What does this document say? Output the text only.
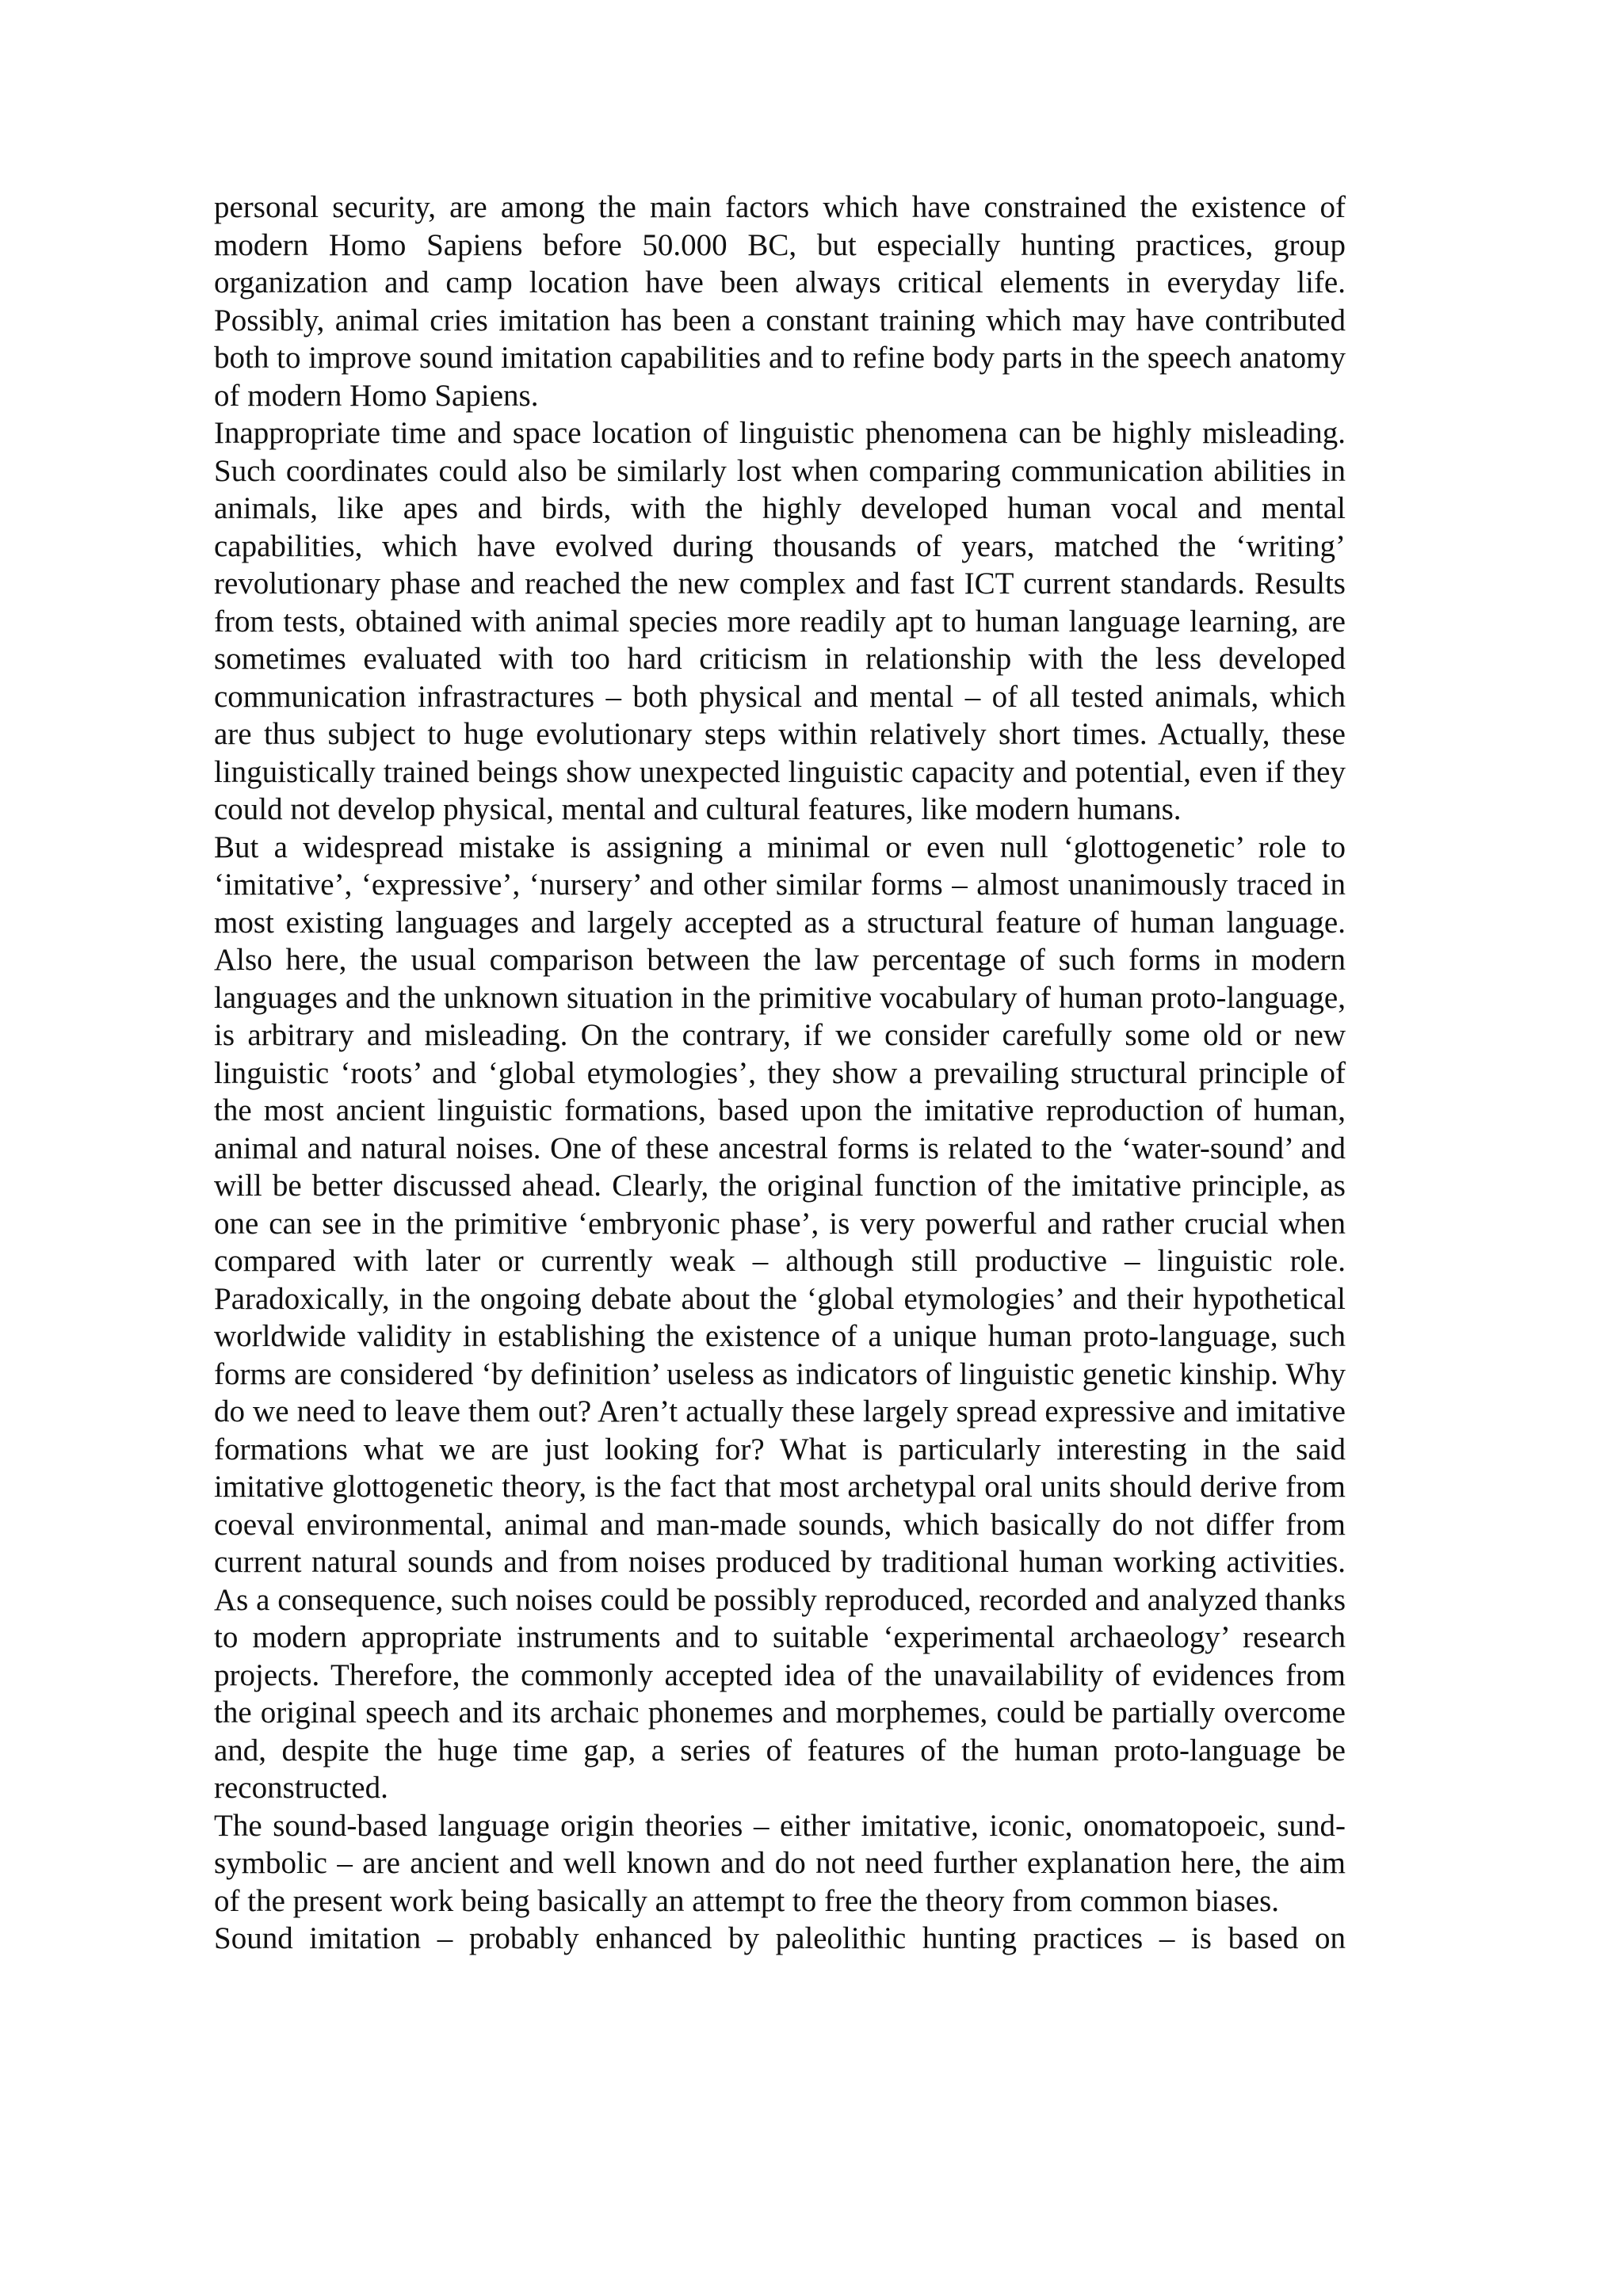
personal security, are among the main factors which have constrained the existence of modern Homo Sapiens before 50.000 BC, but especially hunting practices, group organization and camp location have been always critical elements in everyday life. Possibly, animal cries imitation has been a constant training which may have contributed both to improve sound imitation capabilities and to refine body parts in the speech anatomy of modern Homo Sapiens.

Inappropriate time and space location of linguistic phenomena can be highly misleading. Such coordinates could also be similarly lost when comparing communication abilities in animals, like apes and birds, with the highly developed human vocal and mental capabilities, which have evolved during thousands of years, matched the ‘writing’ revolutionary phase and reached the new complex and fast ICT current standards. Results from tests, obtained with animal species more readily apt to human language learning, are sometimes evaluated with too hard criticism in relationship with the less developed communication infrastractures – both physical and mental – of all tested animals, which are thus subject to huge evolutionary steps within relatively short times. Actually, these linguistically trained beings show unexpected linguistic capacity and potential, even if they could not develop physical, mental and cultural features, like modern humans.

But a widespread mistake is assigning a minimal or even null ‘glottogenetic’ role to ‘imitative’, ‘expressive’, ‘nursery’ and other similar forms – almost unanimously traced in most existing languages and largely accepted as a structural feature of human language. Also here, the usual comparison between the law percentage of such forms in modern languages and the unknown situation in the primitive vocabulary of human proto-language, is arbitrary and misleading. On the contrary, if we consider carefully some old or new linguistic ‘roots’ and ‘global etymologies’, they show a prevailing structural principle of the most ancient linguistic formations, based upon the imitative reproduction of human, animal and natural noises. One of these ancestral forms is related to the ‘water-sound’ and will be better discussed ahead. Clearly, the original function of the imitative principle, as one can see in the primitive ‘embryonic phase’, is very powerful and rather crucial when compared with later or currently weak – although still productive – linguistic role. Paradoxically, in the ongoing debate about the ‘global etymologies’ and their hypothetical worldwide validity in establishing the existence of a unique human proto-language, such forms are considered ‘by definition’ useless as indicators of linguistic genetic kinship. Why do we need to leave them out? Aren’t actually these largely spread expressive and imitative formations what we are just looking for? What is particularly interesting in the said imitative glottogenetic theory, is the fact that most archetypal oral units should derive from coeval environmental, animal and man-made sounds, which basically do not differ from current natural sounds and from noises produced by traditional human working activities. As a consequence, such noises could be possibly reproduced, recorded and analyzed thanks to modern appropriate instruments and to suitable ‘experimental archaeology’ research projects. Therefore, the commonly accepted idea of the unavailability of evidences from the original speech and its archaic phonemes and morphemes, could be partially overcome and, despite the huge time gap, a series of features of the human proto-language be reconstructed.

The sound-based language origin theories – either imitative, iconic, onomatopoeic, sund-symbolic – are ancient and well known and do not need further explanation here, the aim of the present work being basically an attempt to free the theory from common biases.

Sound imitation – probably enhanced by paleolithic hunting practices – is based on
